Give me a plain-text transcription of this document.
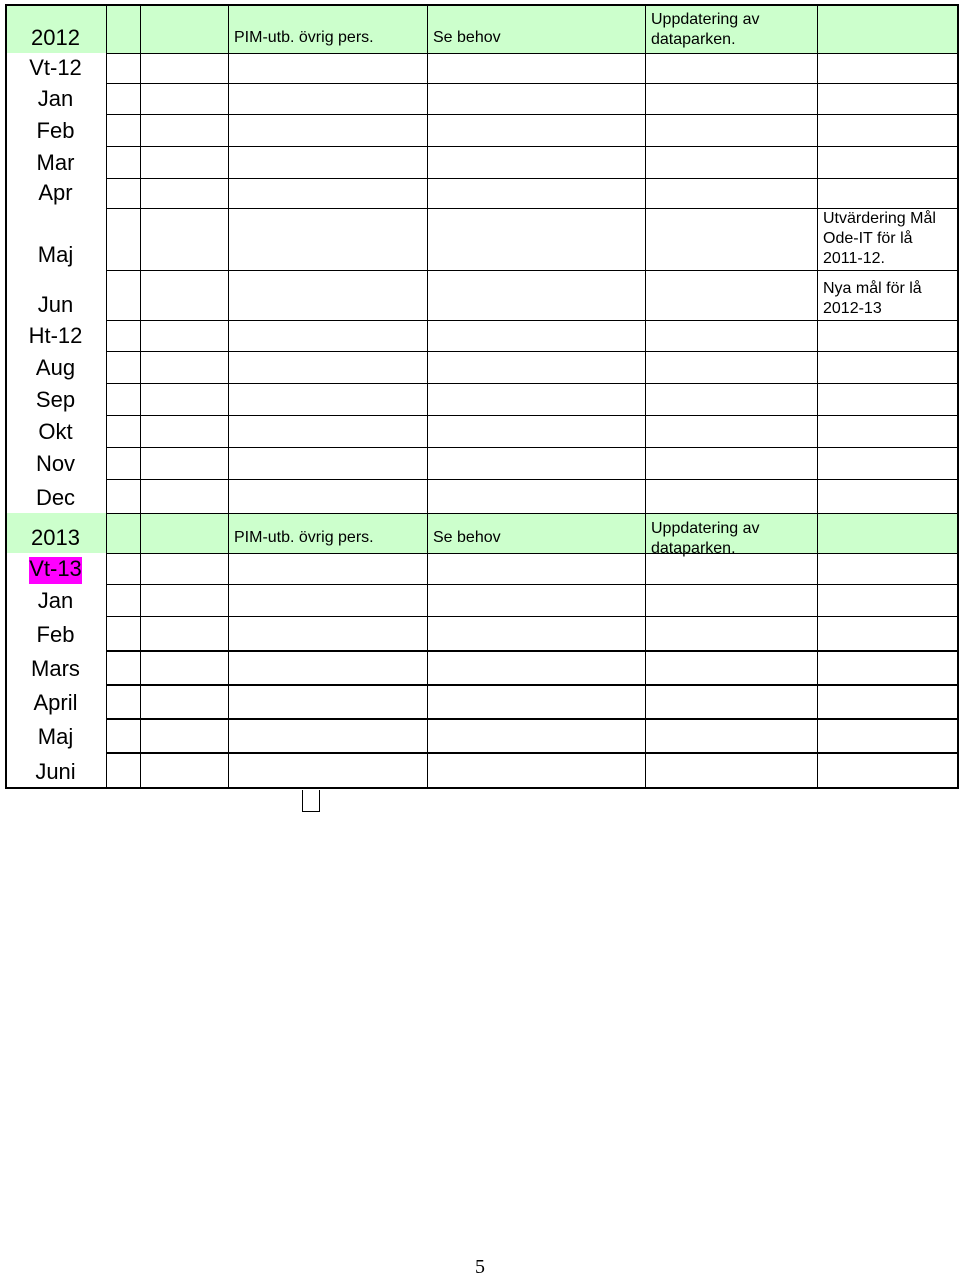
2012
Vt-12
Jan
Feb
Mar
Apr
Maj
Jun
Ht-12
Aug
Sep
Okt
Nov
Dec
2013
Vt-13
Jan
Feb
Mars
April
Maj
Juni
PIM-utb. övrig pers.	Se behov
Uppdatering av dataparken.
PIM-utb. övrig pers.	Se behov
Uppdatering av dataparken.
Utvärdering Mål Ode-IT för lå 2011-12.
Nya mål för lå 2012-13
5
